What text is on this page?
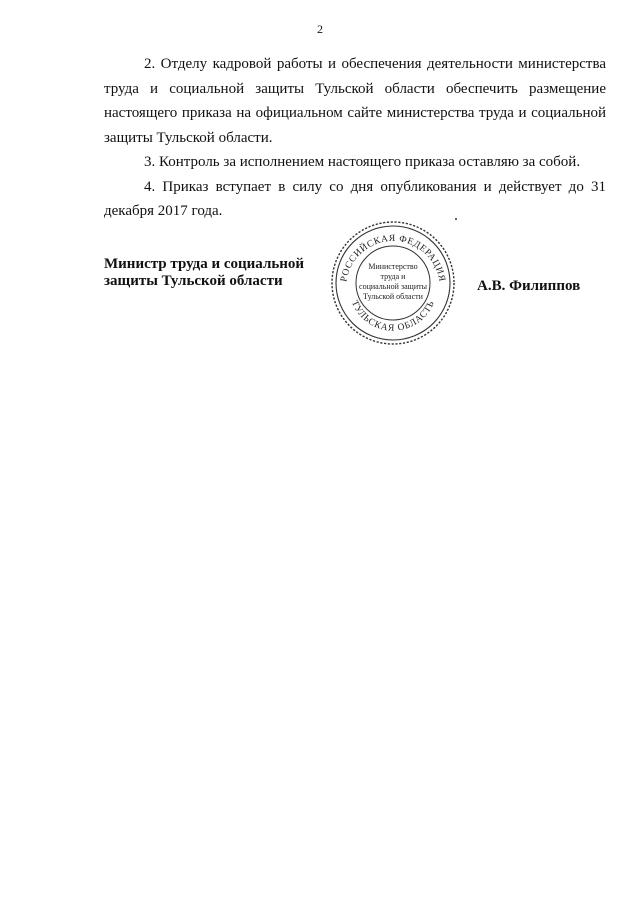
2

2. Отделу кадровой работы и обеспечения деятельности министерства труда и социальной защиты Тульской области обеспечить размещение настоящего приказа на официальном сайте министерства труда и социальной защиты Тульской области.

3. Контроль за исполнением настоящего приказа оставляю за собой.

4. Приказ вступает в силу со дня опубликования и действует до 31 декабря 2017 года.

Министр труда и социальной
защиты Тульской области	РОССИЙСКАЯ ФЕДЕРАЦИЯ
ТУЛЬСКАЯ ОБЛАСТЬ
Министерство
труда и
социальной защиты
Тульской области
А.В. Филиппов
